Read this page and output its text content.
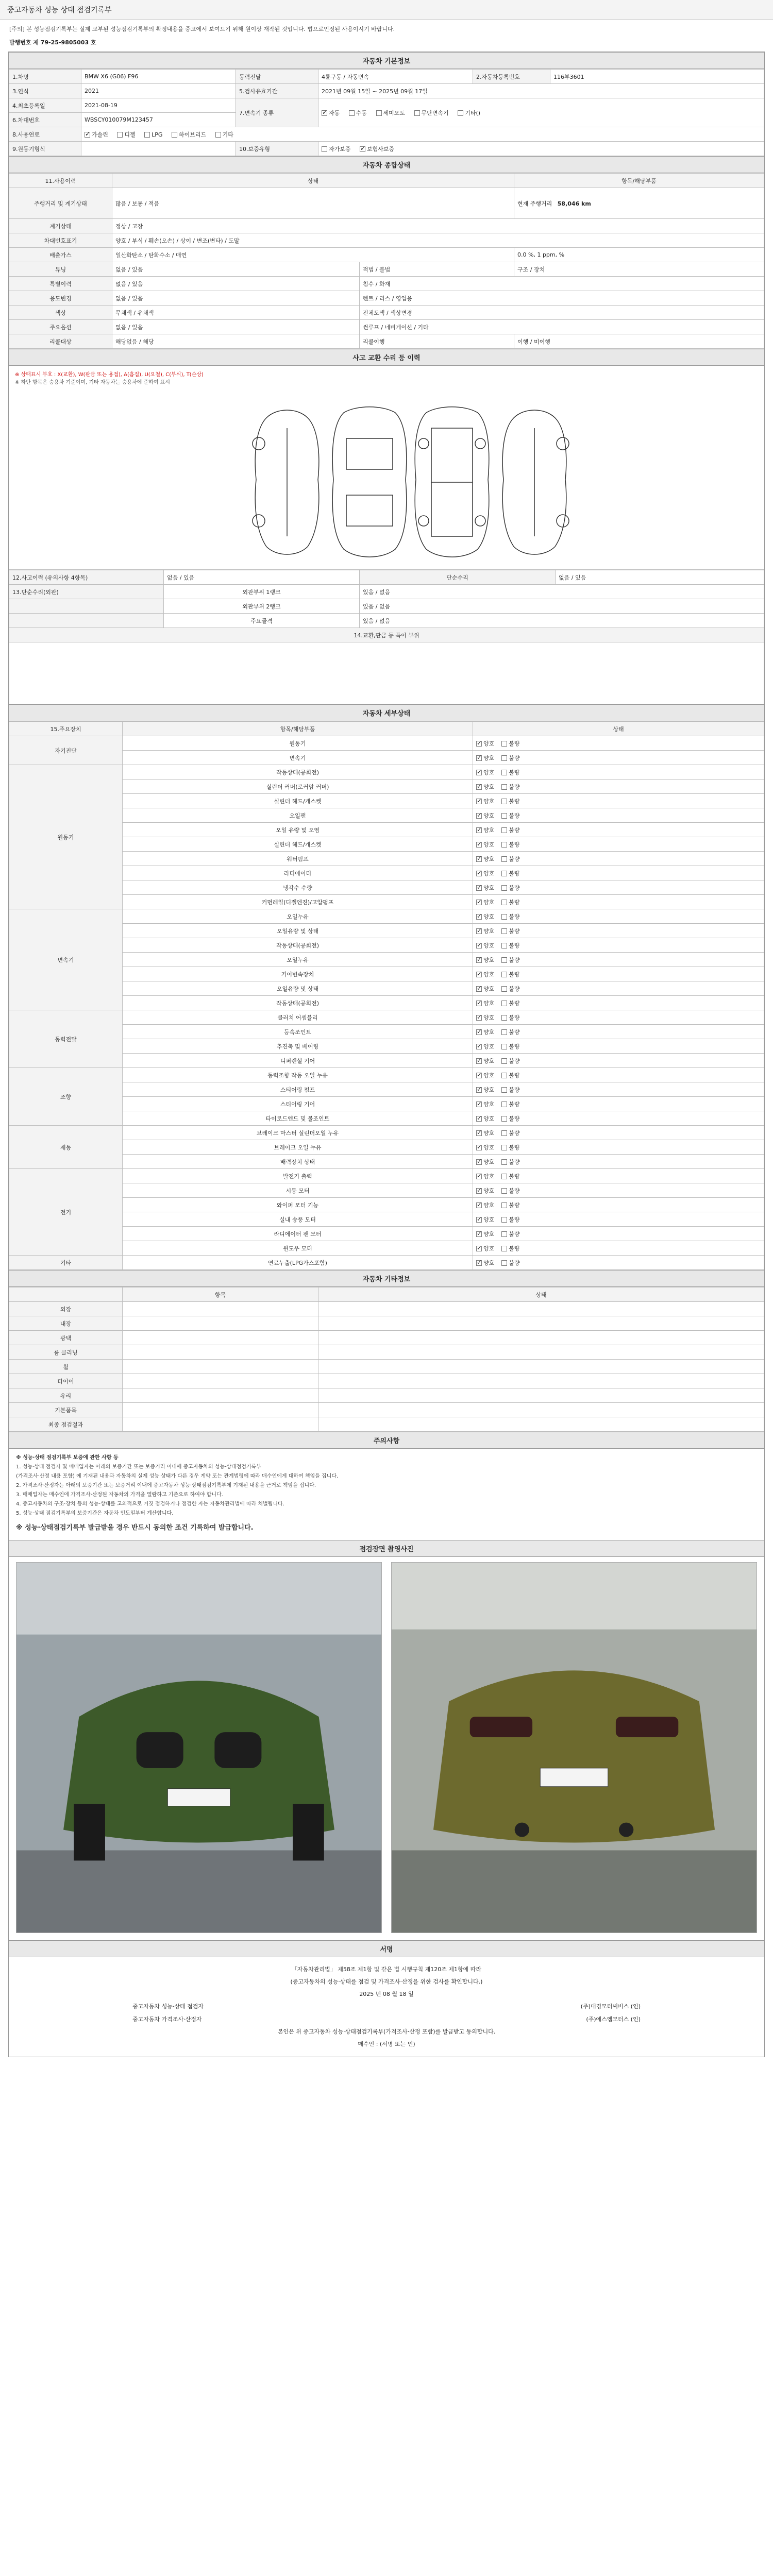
중고자동차 성능 상태 점검기록부
[주의] 본 성능점검기록부는 실제 교부된 성능점검기록부의 확정내용을 중고에서 보여드기 위해 원이상 재작된 것입니다. 법으로인정된 사용이시기 바랍니다.
발행번호 제 79-25-9805003 호
자동차 기본정보
1.차명	BMW X6 (G06) F96	동력전달	4륜구동 / 자동변속	2.자동차등록번호	116부3601
3.연식	2021	5.검사유효기간	2021년 09월 15일 ~ 2025년 09월 17일		
4.최초등록일	2021-08-19	7.변속기 종류	✓자동 수동 세미오토 무단변속기 기타()
6.차대번호	WBSCY010079M123457				
8.사용연료	✓가솔린 디젤 LPG 하이브리드 기타
9.원동기형식		10.보증유형	자가보증 ✓ 보험사보증
자동차 종합상태
11.사용이력	상태		항목/해당부품
주행거리 및 계기상태	많음 / 보통 / 적음		현재 주행거리 58,046 km
계기상태	정상 / 고장		
차대번호표기	양호 / 부식 / 훼손(오손) / 상이 / 변조(변타) / 도말		
배출가스	일산화탄소 / 탄화수소 / 매연		0.0 %, 1 ppm, %
튜닝	없음 / 있음	적법 / 불법	구조 / 장치
특별이력	없음 / 있음	침수 / 화재	
용도변경	없음 / 있음	렌트 / 리스 / 영업용	
색상	무채색 / 유채색	전체도색 / 색상변경	
주요옵션	없음 / 있음	썬루프 / 네비게이션 / 기타	
리콜대상	해당없음 / 해당	리콜이행	이행 / 미이행
사고 교환 수리 등 이력
※ 상태표시 부호 : X(교환), W(판금 또는 용접), A(흠집), U(요철), C(부식), T(손상)
※ 하단 항목은 승용차 기준이며, 기타 자동차는 승용차에 준하여 표시
12.사고이력 (유의사항 4항목)	없음 / 있음	단순수리	없음 / 있음
13.단순수리(외판)	외판부위 1랭크	있음 / 없음	
	외판부위 2랭크	있음 / 없음	
	주요골격	있음 / 없음	
14.교환,판금 등 특이 부위			

자동차 세부상태
15.주요장치	항목/해당부품	상태
자기진단	원동기	✓양호 불량
	변속기	✓양호 불량
원동기	작동상태(공회전)	✓양호 불량
	실린더 커버(로커암 커버)	✓양호 불량
	실린더 헤드/개스켓	✓양호 불량
	오일팬	✓양호 불량
	오일 유량 및 오염	✓양호 불량
	실린더 헤드/개스켓	✓양호 불량
	워터펌프	✓양호 불량
	라디에이터	✓양호 불량
	냉각수 수량	✓양호 불량
	커먼레일(디젤엔진)/고압펌프	✓양호 불량
변속기	오일누유	✓양호 불량
	오일유량 및 상태	✓양호 불량
	작동상태(공회전)	✓양호 불량
	오일누유	✓양호 불량
	기어변속장치	✓양호 불량
	오일유량 및 상태	✓양호 불량
	작동상태(공회전)	✓양호 불량
동력전달	클러치 어셈블리	✓양호 불량
	등속조인트	✓양호 불량
	추진축 및 베어링	✓양호 불량
	디퍼렌셜 기어	✓양호 불량
조향	동력조향 작동 오일 누유	✓양호 불량
	스티어링 펌프	✓양호 불량
	스티어링 기어	✓양호 불량
	타이로드엔드 및 볼조인트	✓양호 불량
제동	브레이크 마스터 실린더오일 누유	✓양호 불량
	브레이크 오일 누유	✓양호 불량
	배력장치 상태	✓양호 불량
전기	발전기 출력	✓양호 불량
	시동 모터	✓양호 불량
	와이퍼 모터 기능	✓양호 불량
	실내 송풍 모터	✓양호 불량
	라디에이터 팬 모터	✓양호 불량
	윈도우 모터	✓양호 불량
기타	연료누출(LPG가스포함)	✓양호 불량
자동차 기타정보
	항목	상태
외장		
내장		
광택		
룸 클리닝		
휠		
타이어		
유리		
기본품목		
최종 점검결과		
주의사항

※ 성능·상태 점검기록부 보증에 관한 사항 등

1. 성능·상태 점검자 및 매매업자는 아래의 보증기간 또는 보증거리 이내에 중고자동차의 성능·상태점검기록부

(가격조사·산정 내용 포함) 에 기재된 내용과 자동차의 실제 성능·상태가 다른 경우 계약 또는 관계법령에 따라 매수인에게 대하여 책임을 집니다.

2. 가격조사·산정자는 아래의 보증기간 또는 보증거리 이내에 중고자동차 성능·상태점검기록부에 기재된 내용을 근거로 책임을 집니다.

3. 매매업자는 매수인에 가격조사·산정된 자동차의 가격을 열람하고 기준으로 하여야 합니다.

4. 중고자동차의 구조·장치 등의 성능·상태를 고의적으로 거짓 점검하거나 점검한 자는 자동차관리법에 따라 처벌됩니다.

5. 성능·상태 점검기록부의 보증기간은 자동차 인도일부터 계산합니다.

※ 성능·상태점검기록부 발급받을 경우 반드시 동의한 조건 기록하여 발급합니다.

점검장면 촬영사진
서명
「자동차관리법」 제58조 제1항 및 같은 법 시행규칙 제120조 제1항에 따라
(중고자동차의 성능·상태를 점검 및 가격조사·산정을 위한 검사를 확인합니다.)
2025 년 08 월 18 일
중고자동차 성능·상태 점검자	(주)대경모터써비스 (인)
중고자동차 가격조사·산정자	(주)에스엠모터스 (인)
본인은 위 중고자동차 성능·상태점검기록부(가격조사·산정 포함)를 발급받고 동의합니다.
매수인 : (서명 또는 인)
